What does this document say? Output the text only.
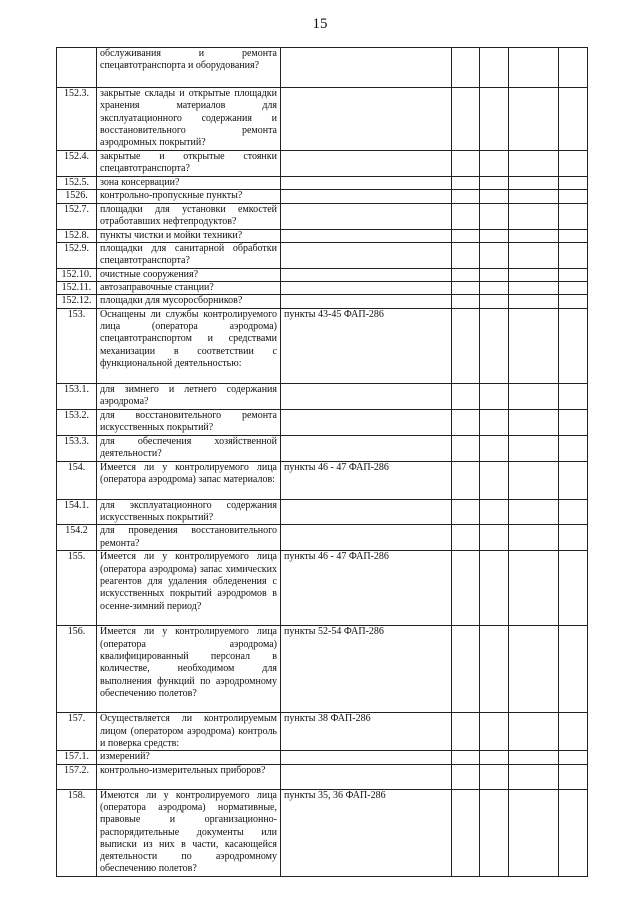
15
	обслуживания и ремонта спецавтотранспорта и оборудования?					
152.3.	закрытые склады и открытые площадки хранения материалов для эксплуатационного содержания и восстановительного ремонта аэродромных покрытий?					
152.4.	закрытые и открытые стоянки спецавтотранспорта?					
152.5.	зона консервации?					
1526.	контрольно-пропускные пункты?					
152.7.	площадки для установки емкостей отработавших нефтепродуктов?					
152.8.	пункты чистки и мойки техники?					
152.9.	площадки для санитарной обработки спецавтотранспорта?					
152.10.	очистные сооружения?					
152.11.	автозаправочные станции?					
152.12.	площадки для мусоросборников?					
153.	Оснащены ли службы контролируемого лица (оператора аэродрома) спецавтотранспортом и средствами механизации в соответствии с функциональной деятельностью:	пункты 43-45 ФАП-286				
153.1.	для зимнего и летнего содержания аэродрома?					
153.2.	для восстановительного ремонта искусственных покрытий?					
153.3.	для обеспечения хозяйственной деятельности?					
154.	Имеется ли у контролируемого лица (оператора аэродрома) запас материалов:	пункты 46 - 47 ФАП-286				
154.1.	для эксплуатационного содержания искусственных покрытий?					
154.2	для проведения восстановительного ремонта?					
155.	Имеется ли у контролируемого лица (оператора аэродрома) запас химических реагентов для удаления обледенения с искусственных покрытий аэродромов в осенне-зимний период?	пункты 46 - 47 ФАП-286				
156.	Имеется ли у контролируемого лица (оператора аэродрома) квалифицированный персонал в количестве, необходимом для выполнения функций по аэродромному обеспечению полетов?	пункты 52-54 ФАП-286				
157.	Осуществляется ли контролируемым лицом (оператором аэродрома) контроль и поверка средств:	пункты 38 ФАП-286				
157.1.	измерений?					
157.2.	контрольно-измерительных приборов?					
158.	Имеются ли у контролируемого лица (оператора аэродрома) нормативные, правовые и организационно-распорядительные документы или выписки из них в части, касающейся деятельности по аэродромному обеспечению полетов?	пункты 35, 36 ФАП-286				
